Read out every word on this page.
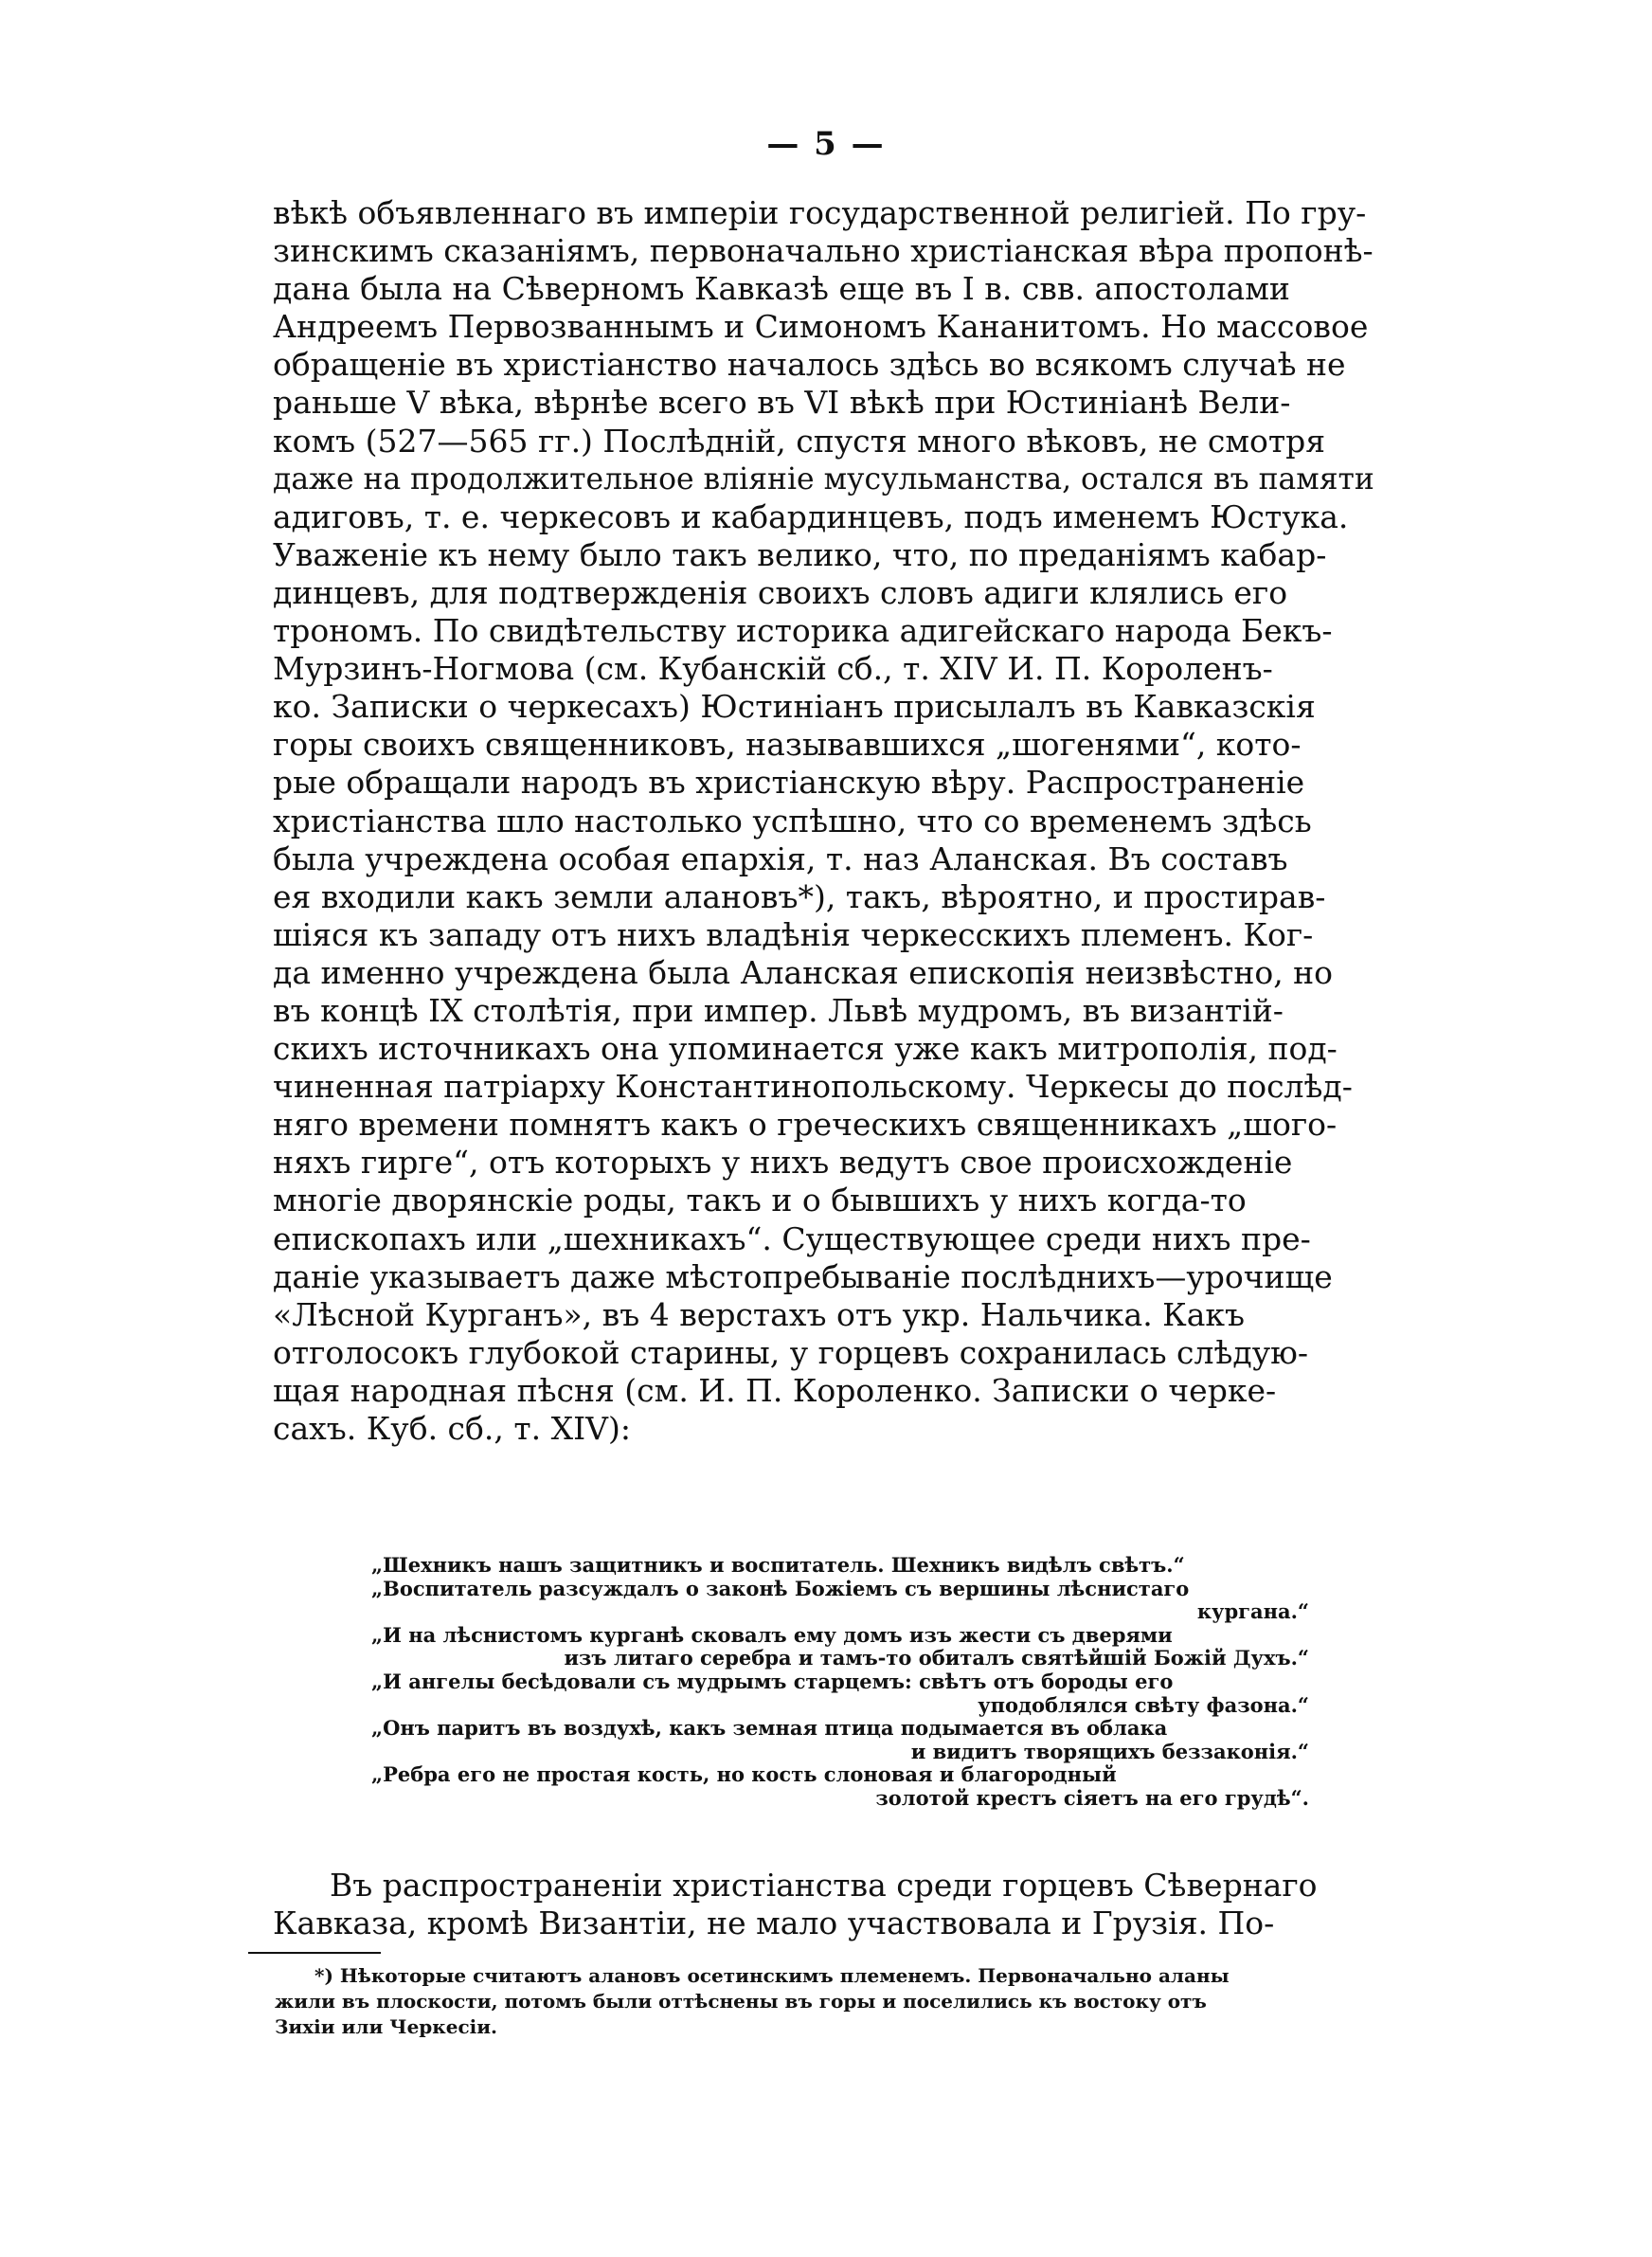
— 5 —
вѣкѣ объявленнаго въ имперіи государственной религіей. По гру-
зинскимъ сказаніямъ, первоначально христіанская вѣра пропонѣ-
дана была на Сѣверномъ Кавказѣ еще въ I в. свв. апостолами
Андреемъ Первозваннымъ и Симономъ Кананитомъ. Но массовое
обращеніе въ христіанство началось здѣсь во всякомъ случаѣ не
раньше V вѣка, вѣрнѣе всего въ VI вѣкѣ при Юстиніанѣ Вели-
комъ (527—565 гг.) Послѣдній, спустя много вѣковъ, не смотря
даже на продолжительное вліяніе мусульманства, остался въ памяти
адиговъ, т. е. черкесовъ и кабардинцевъ, подъ именемъ Юстука.
Уваженіе къ нему было такъ велико, что, по преданіямъ кабар-
динцевъ, для подтвержденія своихъ словъ адиги клялись его
трономъ. По свидѣтельству историка адигейскаго народа Бекъ-
Мурзинъ-Ногмова (см. Кубанскій сб., т. XIV И. П. Короленъ-
ко. Записки о черкесахъ) Юстиніанъ присылалъ въ Кавказскія
горы своихъ священниковъ, называвшихся „шогенями“, кото-
рые обращали народъ въ христіанскую вѣру. Распространеніе
христіанства шло настолько успѣшно, что со временемъ здѣсь
была учреждена особая епархія, т. наз Аланская. Въ составъ
ея входили какъ земли алановъ*), такъ, вѣроятно, и простирав-
шіяся къ западу отъ нихъ владѣнія черкесскихъ племенъ. Ког-
да именно учреждена была Аланская епископія неизвѣстно, но
въ концѣ IX столѣтія, при импер. Львѣ мудромъ, въ византій-
скихъ источникахъ она упоминается уже какъ митрополія, под-
чиненная патріарху Константинопольскому. Черкесы до послѣд-
няго времени помнятъ какъ о греческихъ священникахъ „шого-
няхъ гирге“, отъ которыхъ у нихъ ведутъ свое происхожденіе
многіе дворянскіе роды, такъ и о бывшихъ у нихъ когда-то
епископахъ или „шехникахъ“. Существующее среди нихъ пре-
даніе указываетъ даже мѣстопребываніе послѣднихъ—урочище
«Лѣсной Курганъ», въ 4 верстахъ отъ укр. Нальчика. Какъ
отголосокъ глубокой старины, у горцевъ сохранилась слѣдую-
щая народная пѣсня (см. И. П. Короленко. Записки о черке-
сахъ. Куб. сб., т. XIV):
„Шехникъ нашъ защитникъ и воспитатель. Шехникъ видѣлъ свѣтъ.“
„Воспитатель разсуждалъ о законѣ Божіемъ съ вершины лѣснистаго
кургана.“
„И на лѣснистомъ курганѣ сковалъ ему домъ изъ жести съ дверями
изъ литаго серебра и тамъ-то обиталъ святѣйшій Божій Духъ.“
„И ангелы бесѣдовали съ мудрымъ старцемъ: свѣтъ отъ бороды его
уподоблялся свѣту фазона.“
„Онъ паритъ въ воздухѣ, какъ земная птица подымается въ облака
и видитъ творящихъ беззаконія.“
„Ребра его не простая кость, но кость слоновая и благородный
золотой крестъ сіяетъ на его грудѣ“.
Въ распространеніи христіанства среди горцевъ Сѣвернаго
Кавказа, кромѣ Византіи, не мало участвовала и Грузія. По-
*) Нѣкоторые считаютъ алановъ осетинскимъ племенемъ. Первоначально аланы
жили въ плоскости, потомъ были оттѣснены въ горы и поселились къ востоку отъ
Зихіи или Черкесіи.
